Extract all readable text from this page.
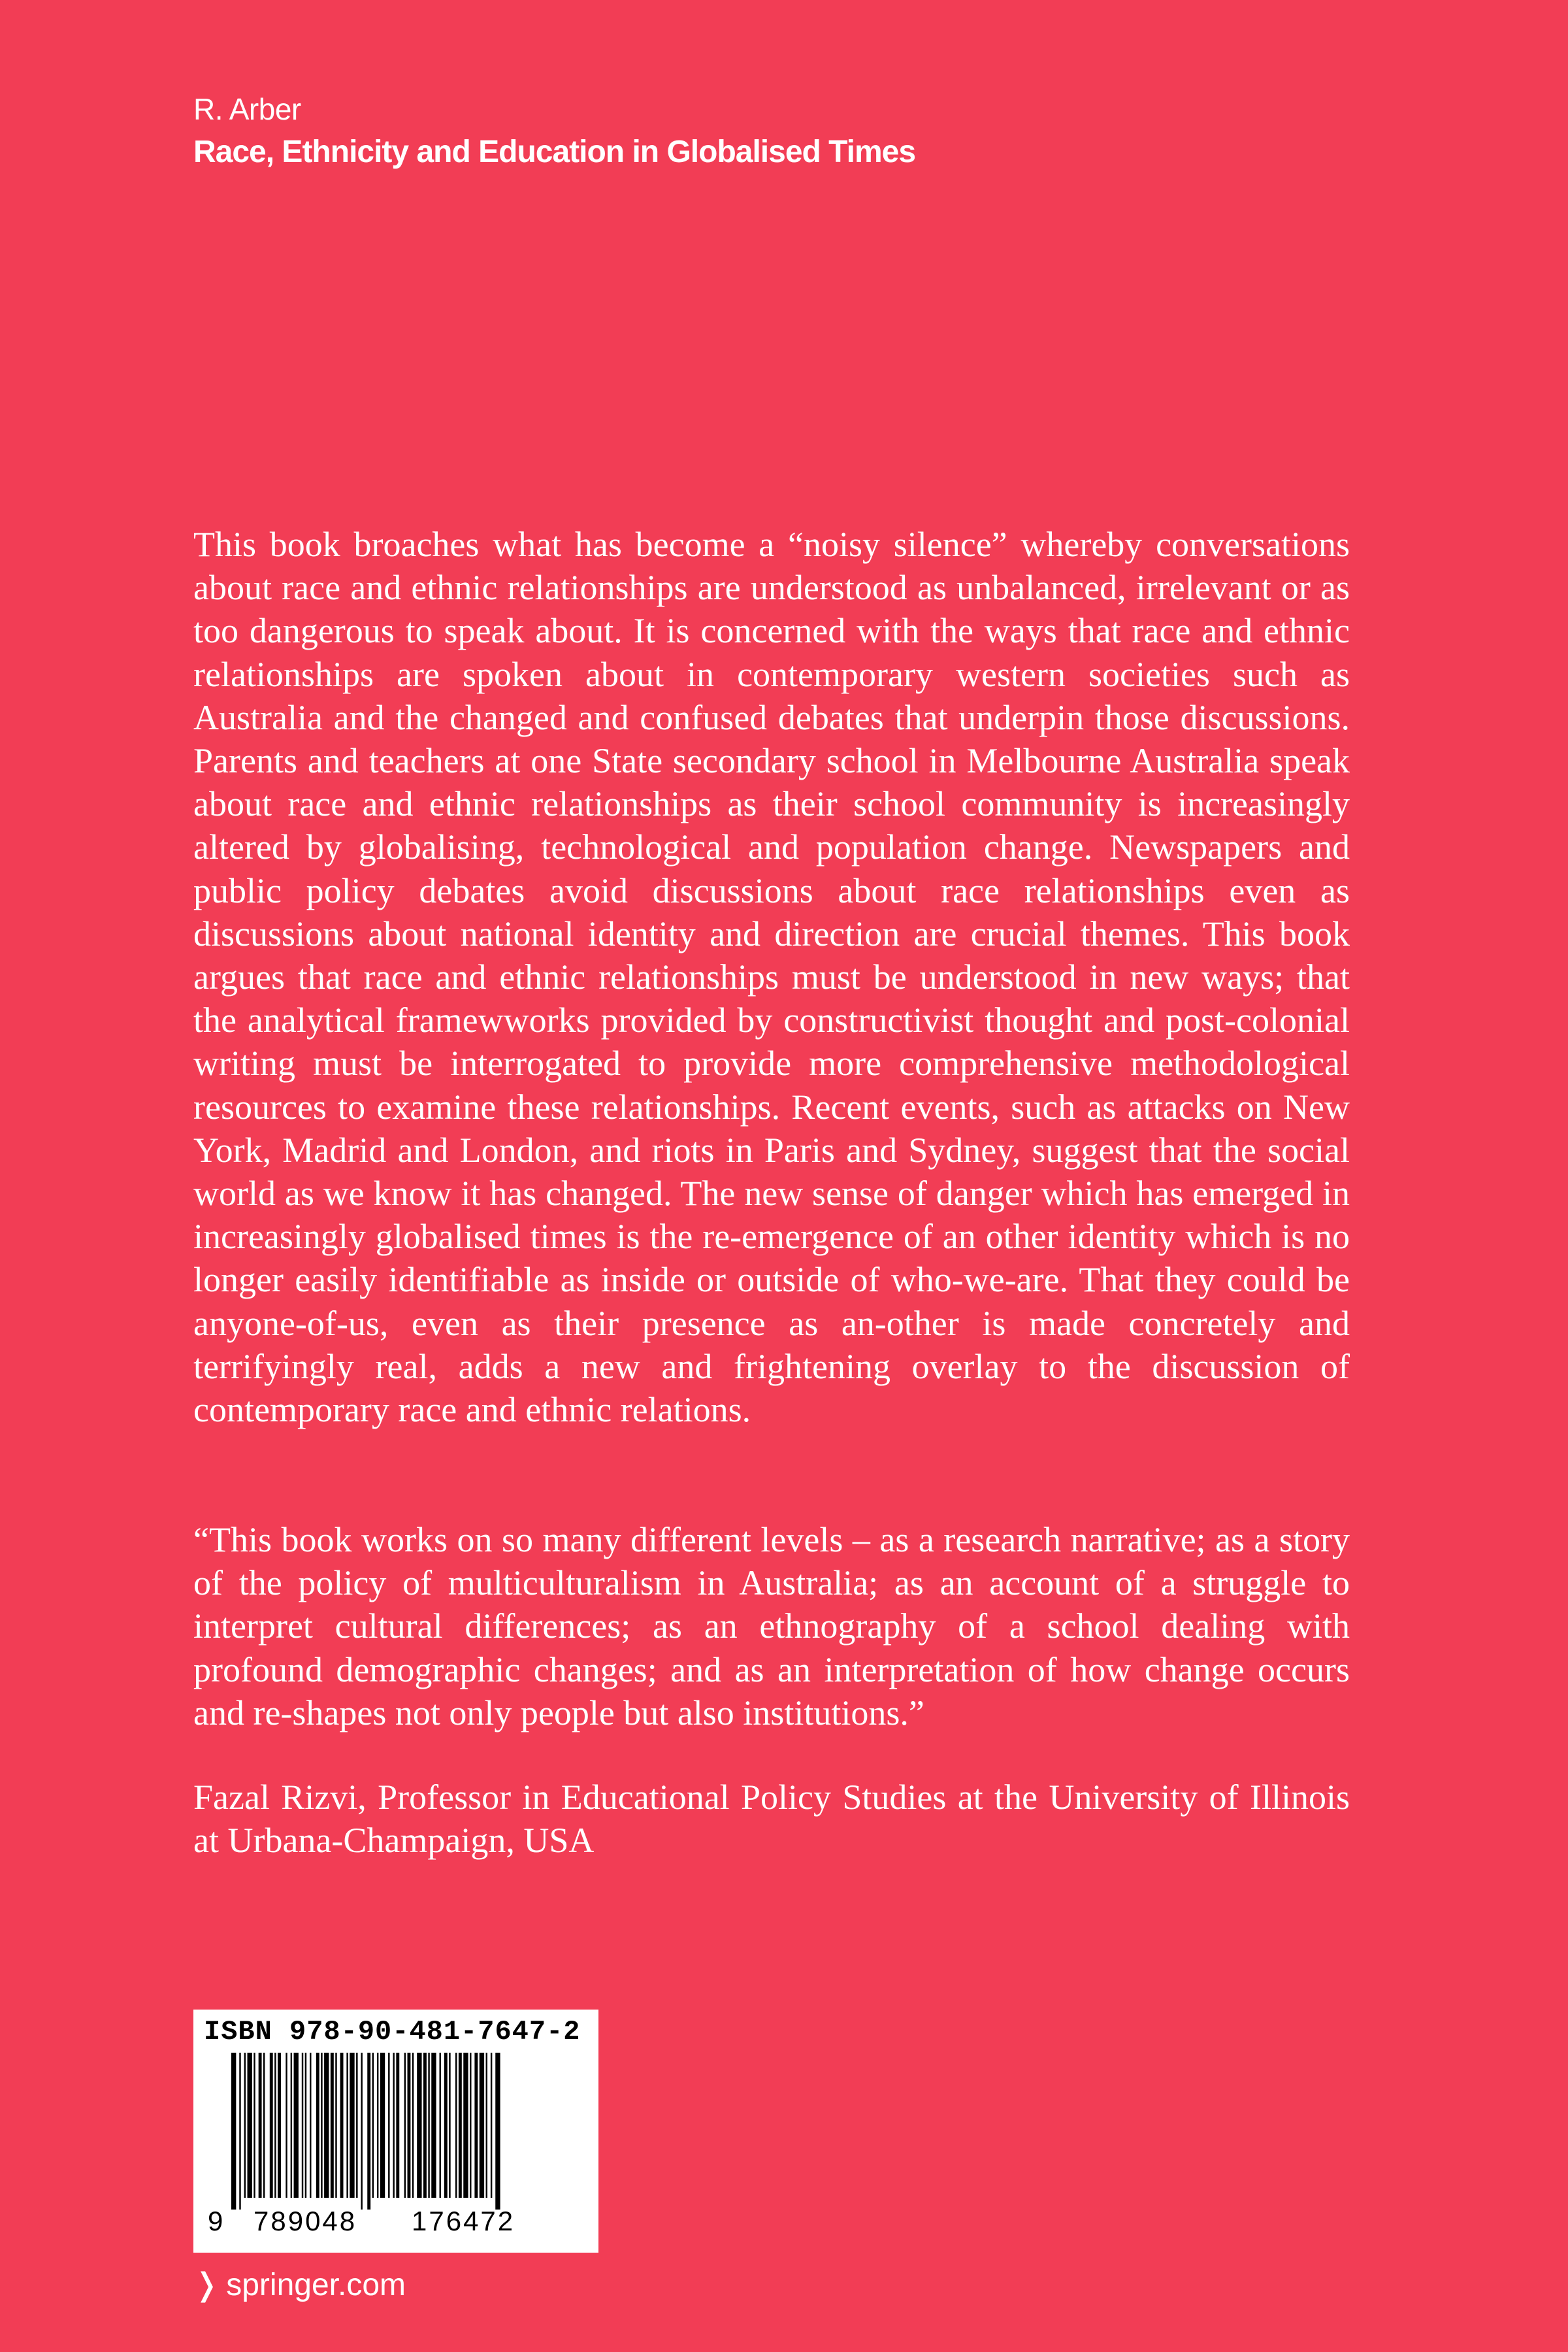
R. Arber
Race, Ethnicity and Education in Globalised Times

This book broaches what has become a “noisy silence” whereby conversations about race and ethnic relationships are understood as unbalanced, irrelevant or as too dangerous to speak about. It is concerned with the ways that race and ethnic relationships are spoken about in contemporary western societies such as Australia and the changed and confused debates that underpin those discussions. Parents and teachers at one State secondary school in Melbourne Australia speak about race and ethnic relationships as their school community is increasingly altered by globalising, technological and population change. Newspapers and public policy debates avoid discussions about race relationships even as discussions about national identity and direction are crucial themes. This book argues that race and ethnic relationships must be understood in new ways; that the analytical framewworks provided by constructivist thought and post-colonial writing must be interrogated to provide more comprehensive methodological resources to examine these relationships. Recent events, such as attacks on New York, Madrid and London, and riots in Paris and Sydney, suggest that the social world as we know it has changed. The new sense of danger which has emerged in increasingly globalised times is the re-emergence of an other identity which is no longer easily identifiable as inside or outside of who-we-are. That they could be anyone-of-us, even as their presence as an-other is made concretely and terrifyingly real, adds a new and frightening overlay to the discussion of contemporary race and ethnic relations.

“This book works on so many different levels – as a research narrative; as a story of the policy of multiculturalism in Australia; as an account of a struggle to interpret cultural differences; as an ethnography of a school dealing with profound demographic changes; and as an interpretation of how change occurs and re-shapes not only people but also institutions.”

Fazal Rizvi, Professor in Educational Policy Studies at the University of Illinois at Urbana-Champaign, USA

ISBN 978-90-481-7647-2
9 789048 176472
❭ springer.com
